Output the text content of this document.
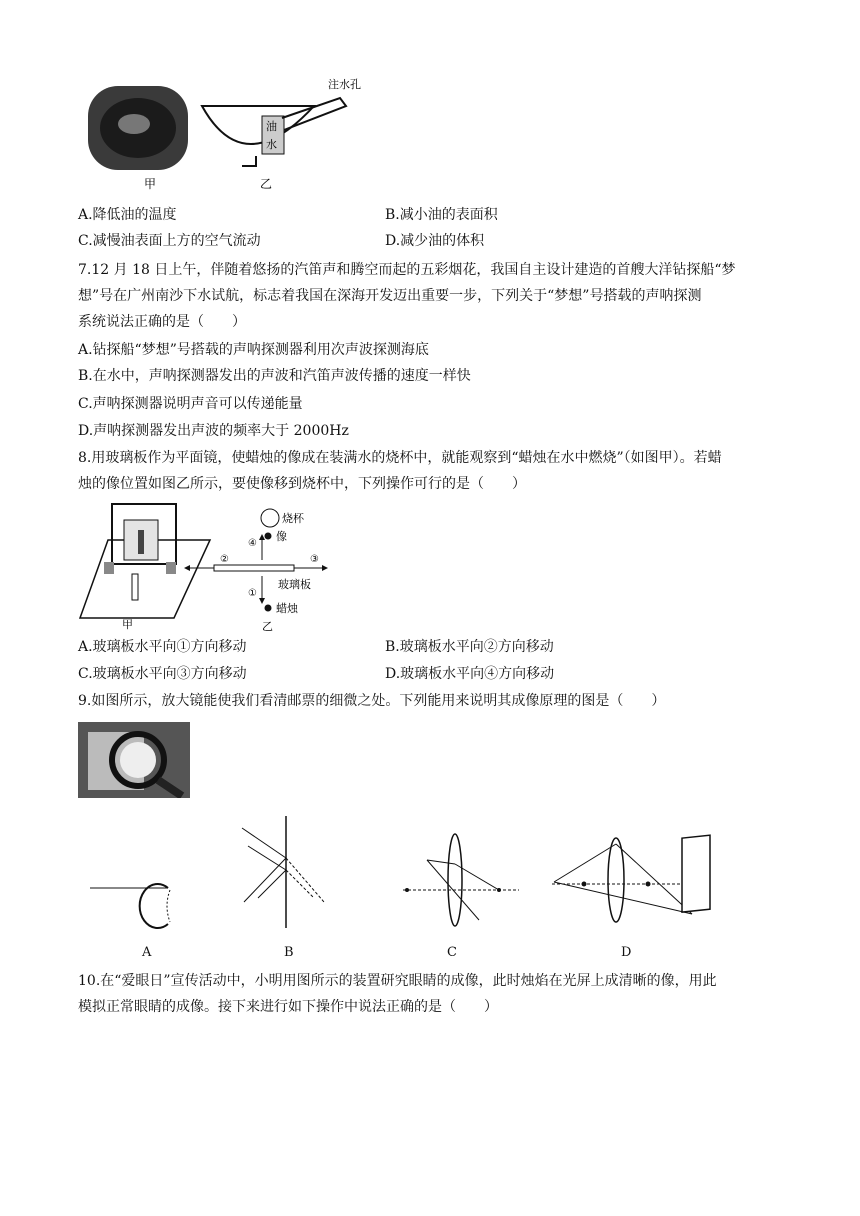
注水孔
油
水
甲	乙
A.降低油的温度	B.减小油的表面积
C.减慢油表面上方的空气流动	D.减少油的体积
7.12 月 18 日上午，伴随着悠扬的汽笛声和腾空而起的五彩烟花，我国自主设计建造的首艘大洋钻探船“梦
想”号在广州南沙下水试航，标志着我国在深海开发迈出重要一步，下列关于“梦想”号搭载的声呐探测
系统说法正确的是（　　）
A.钻探船“梦想”号搭载的声呐探测器利用次声波探测海底
B.在水中，声呐探测器发出的声波和汽笛声波传播的速度一样快
C.声呐探测器说明声音可以传递能量
D.声呐探测器发出声波的频率大于 2000Hz
8.用玻璃板作为平面镜，使蜡烛的像成在装满水的烧杯中，就能观察到“蜡烛在水中燃烧”（如图甲）。若蜡
烛的像位置如图乙所示，要使像移到烧杯中，下列操作可行的是（　　）
甲
烧杯
像
④
②	③
玻璃板
①
蜡烛
乙
A.玻璃板水平向①方向移动	B.玻璃板水平向②方向移动
C.玻璃板水平向③方向移动	D.玻璃板水平向④方向移动
9.如图所示，放大镜能使我们看清邮票的细微之处。下列能用来说明其成像原理的图是（　　）
A	B	C	D
10.在“爱眼日”宣传活动中，小明用图所示的装置研究眼睛的成像，此时烛焰在光屏上成清晰的像，用此
模拟正常眼睛的成像。接下来进行如下操作中说法正确的是（　　）
